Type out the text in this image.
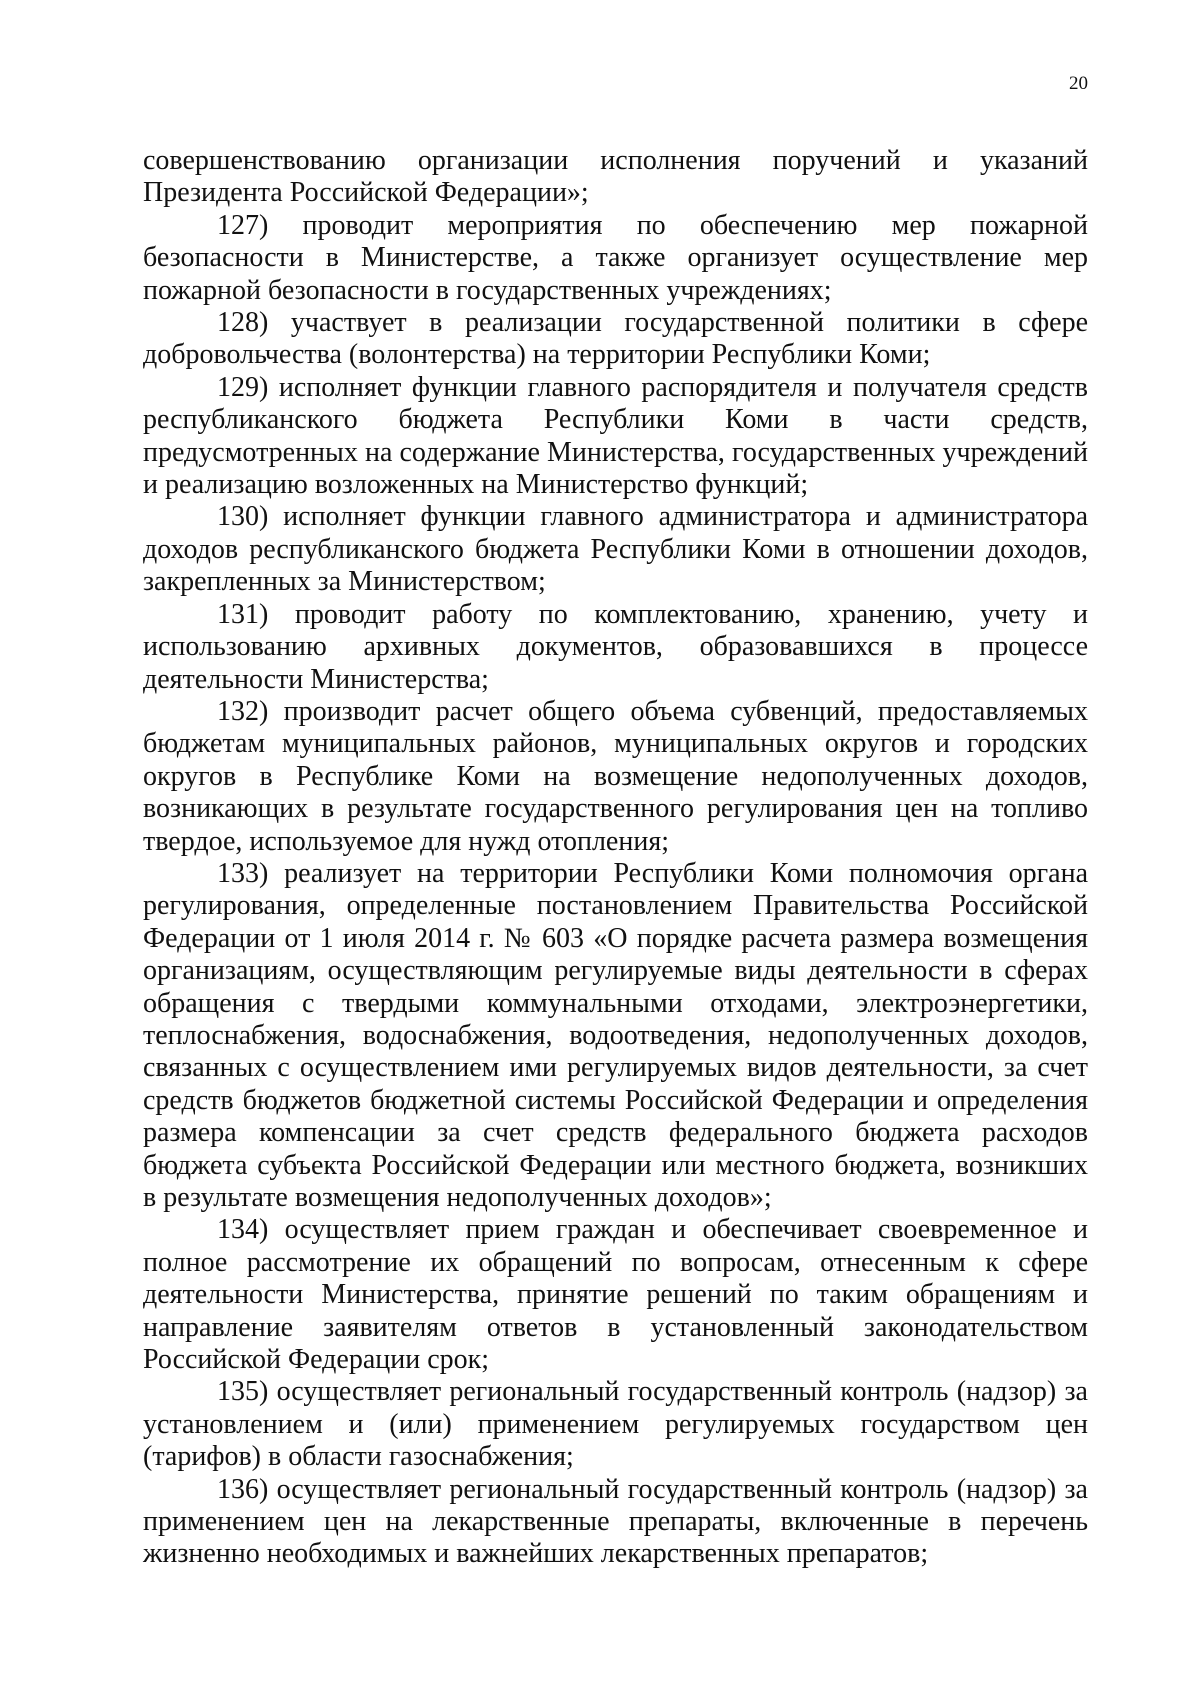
20

совершенствованию организации исполнения поручений и указаний Президента Российской Федерации»;

127) проводит мероприятия по обеспечению мер пожарной безопасности в Министерстве, а также организует осуществление мер пожарной безопасности в государственных учреждениях;

128) участвует в реализации государственной политики в сфере добровольчества (волонтерства) на территории Республики Коми;

129) исполняет функции главного распорядителя и получателя средств республиканского бюджета Республики Коми в части средств, предусмотренных на содержание Министерства, государственных учреждений и реализацию возложенных на Министерство функций;

130) исполняет функции главного администратора и администратора доходов республиканского бюджета Республики Коми в отношении доходов, закрепленных за Министерством;

131) проводит работу по комплектованию, хранению, учету и использованию архивных документов, образовавшихся в процессе деятельности Министерства;

132) производит расчет общего объема субвенций, предоставляемых бюджетам муниципальных районов, муниципальных округов и городских округов в Республике Коми на возмещение недополученных доходов, возникающих в результате государственного регулирования цен на топливо твердое, используемое для нужд отопления;

133) реализует на территории Республики Коми полномочия органа регулирования, определенные постановлением Правительства Российской Федерации от 1 июля 2014 г. № 603 «О порядке расчета размера возмещения организациям, осуществляющим регулируемые виды деятельности в сферах обращения с твердыми коммунальными отходами, электроэнергетики, теплоснабжения, водоснабжения, водоотведения, недополученных доходов, связанных с осуществлением ими регулируемых видов деятельности, за счет средств бюджетов бюджетной системы Российской Федерации и определения размера компенсации за счет средств федерального бюджета расходов бюджета субъекта Российской Федерации или местного бюджета, возникших в результате возмещения недополученных доходов»;

134) осуществляет прием граждан и обеспечивает своевременное и полное рассмотрение их обращений по вопросам, отнесенным к сфере деятельности Министерства, принятие решений по таким обращениям и направление заявителям ответов в установленный законодательством Российской Федерации срок;

135) осуществляет региональный государственный контроль (надзор) за установлением и (или) применением регулируемых государством цен (тарифов) в области газоснабжения;

136) осуществляет региональный государственный контроль (надзор) за применением цен на лекарственные препараты, включенные в перечень жизненно необходимых и важнейших лекарственных препаратов;
